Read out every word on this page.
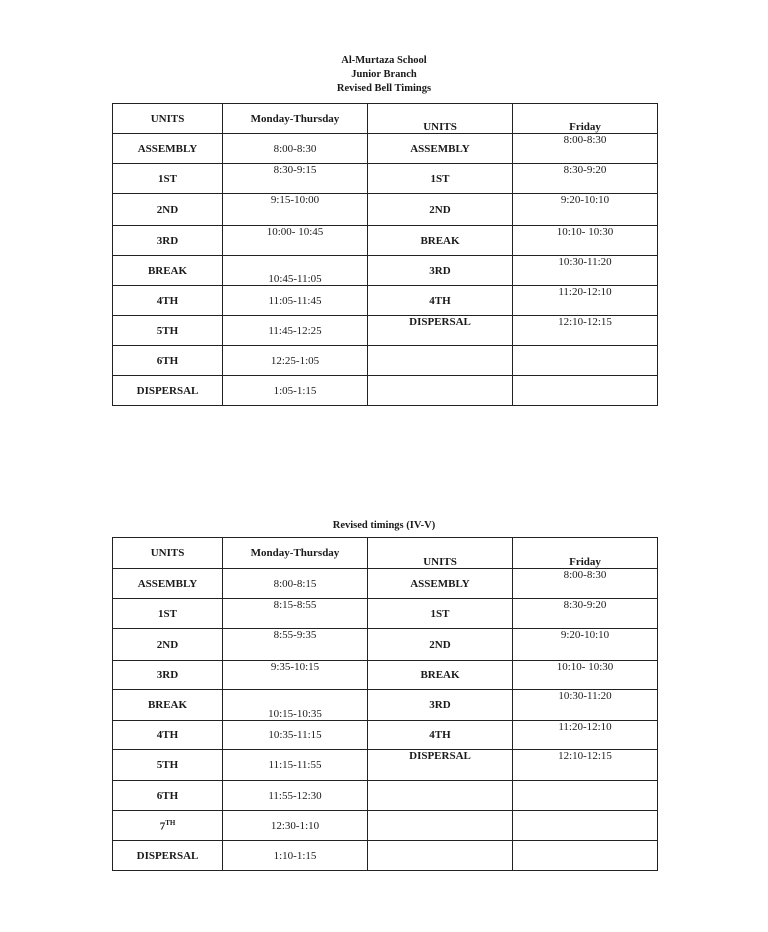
Al-Murtaza School
Junior Branch
Revised Bell Timings
UNITS	Monday-Thursday	UNITS	Friday
ASSEMBLY	8:00-8:30	ASSEMBLY	8:00-8:30
1ST	8:30-9:15	1ST	8:30-9:20
2ND	9:15-10:00	2ND	9:20-10:10
3RD	10:00- 10:45	BREAK	10:10- 10:30
BREAK	10:45-11:05	3RD	10:30-11:20
4TH	11:05-11:45	4TH	11:20-12:10
5TH	11:45-12:25	DISPERSAL	12:10-12:15
6TH	12:25-1:05		
DISPERSAL	1:05-1:15		
Revised timings (IV-V)
UNITS	Monday-Thursday	UNITS	Friday
ASSEMBLY	8:00-8:15	ASSEMBLY	8:00-8:30
1ST	8:15-8:55	1ST	8:30-9:20
2ND	8:55-9:35	2ND	9:20-10:10
3RD	9:35-10:15	BREAK	10:10- 10:30
BREAK	10:15-10:35	3RD	10:30-11:20
4TH	10:35-11:15	4TH	11:20-12:10
5TH	11:15-11:55	DISPERSAL	12:10-12:15
6TH	11:55-12:30		
7TH	12:30-1:10		
DISPERSAL	1:10-1:15		
